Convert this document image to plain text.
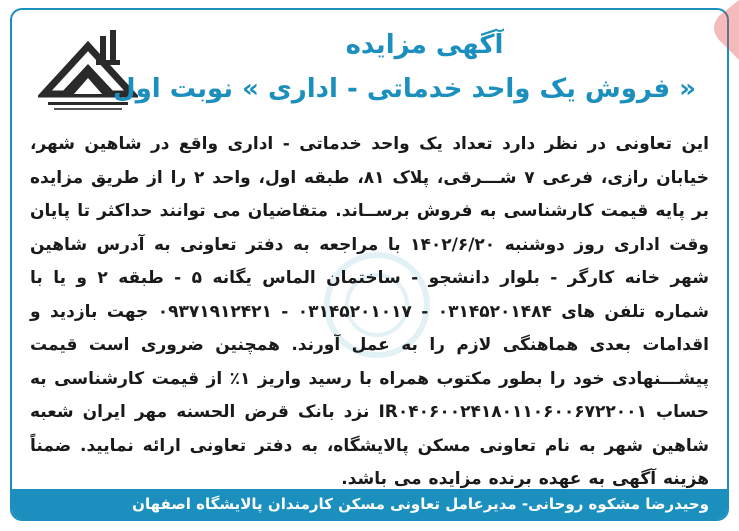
آگهی مزایده
« فروش یک واحد خدماتی - اداری » نوبت اول
این تعاونی در نظر دارد تعداد یک واحد خدماتی - اداری واقع در شاهین شهر، خیابان رازی، فرعی ۷ شـــرقی، پلاک ۸۱، طبقه اول، واحد ۲ را از طریق مزایده بر پایه قیمت کارشناسی به فروش برســاند. متقاضیان می توانند حداکثر تا پایان وقت اداری روز دوشنبه ۱۴۰۲/۶/۲۰ با مراجعه به دفتر تعاونی به آدرس شاهین شهر خانه کارگر - بلوار دانشجو - ساختمان الماس یگانه ۵ - طبقه ۲ و یا با شماره تلفن های ۰۳۱۴۵۲۰۱۴۸۴ - ۰۳۱۴۵۲۰۱۰۱۷ - ۰۹۳۷۱۹۱۲۴۲۱ جهت بازدید و اقدامات بعدی هماهنگی لازم را به عمل آورند. همچنین ضروری است قیمت پیشـــنهادی خود را بطور مکتوب همراه با رسید واریز ۱٪ از قیمت کارشناسی به حساب IR۰۴۰۶۰۰۲۴۱۸۰۱۱۰۶۰۰۶۷۲۲۰۰۱ نزد بانک قرض الحسنه مهر ایران شعبه شاهین شهر به نام تعاونی مسکن پالایشگاه، به دفتر تعاونی ارائه نمایید. ضمناً هزینه آگهی به عهده برنده مزایده می باشد.
وحیدرضا مشکوه روحانی- مدیرعامل تعاونی مسکن کارمندان پالایشگاه اصفهان
